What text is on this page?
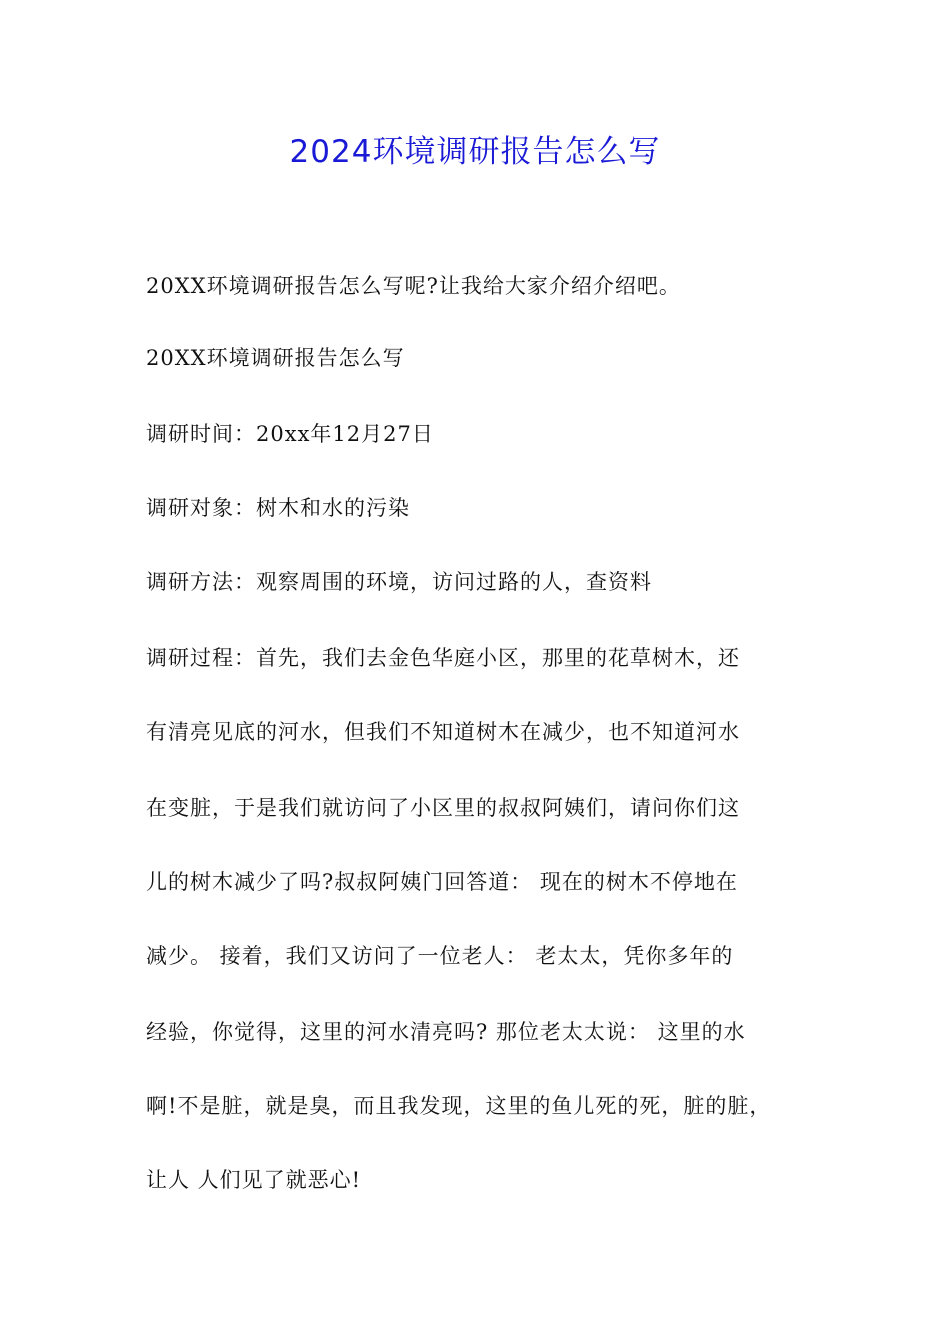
2024环境调研报告怎么写
20XX环境调研报告怎么写呢?让我给大家介绍介绍吧。
20XX环境调研报告怎么写
调研时间：20xx年12月27日
调研对象：树木和水的污染
调研方法：观察周围的环境，访问过路的人，查资料
调研过程：首先，我们去金色华庭小区，那里的花草树木，还
有清亮见底的河水，但我们不知道树木在减少，也不知道河水
在变脏，于是我们就访问了小区里的叔叔阿姨们，请问你们这
儿的树木减少了吗?叔叔阿姨门回答道： 现在的树木不停地在
减少。 接着，我们又访问了一位老人： 老太太，凭你多年的
经验，你觉得，这里的河水清亮吗? 那位老太太说： 这里的水
啊!不是脏，就是臭，而且我发现，这里的鱼儿死的死，脏的脏，
让人 人们见了就恶心!
